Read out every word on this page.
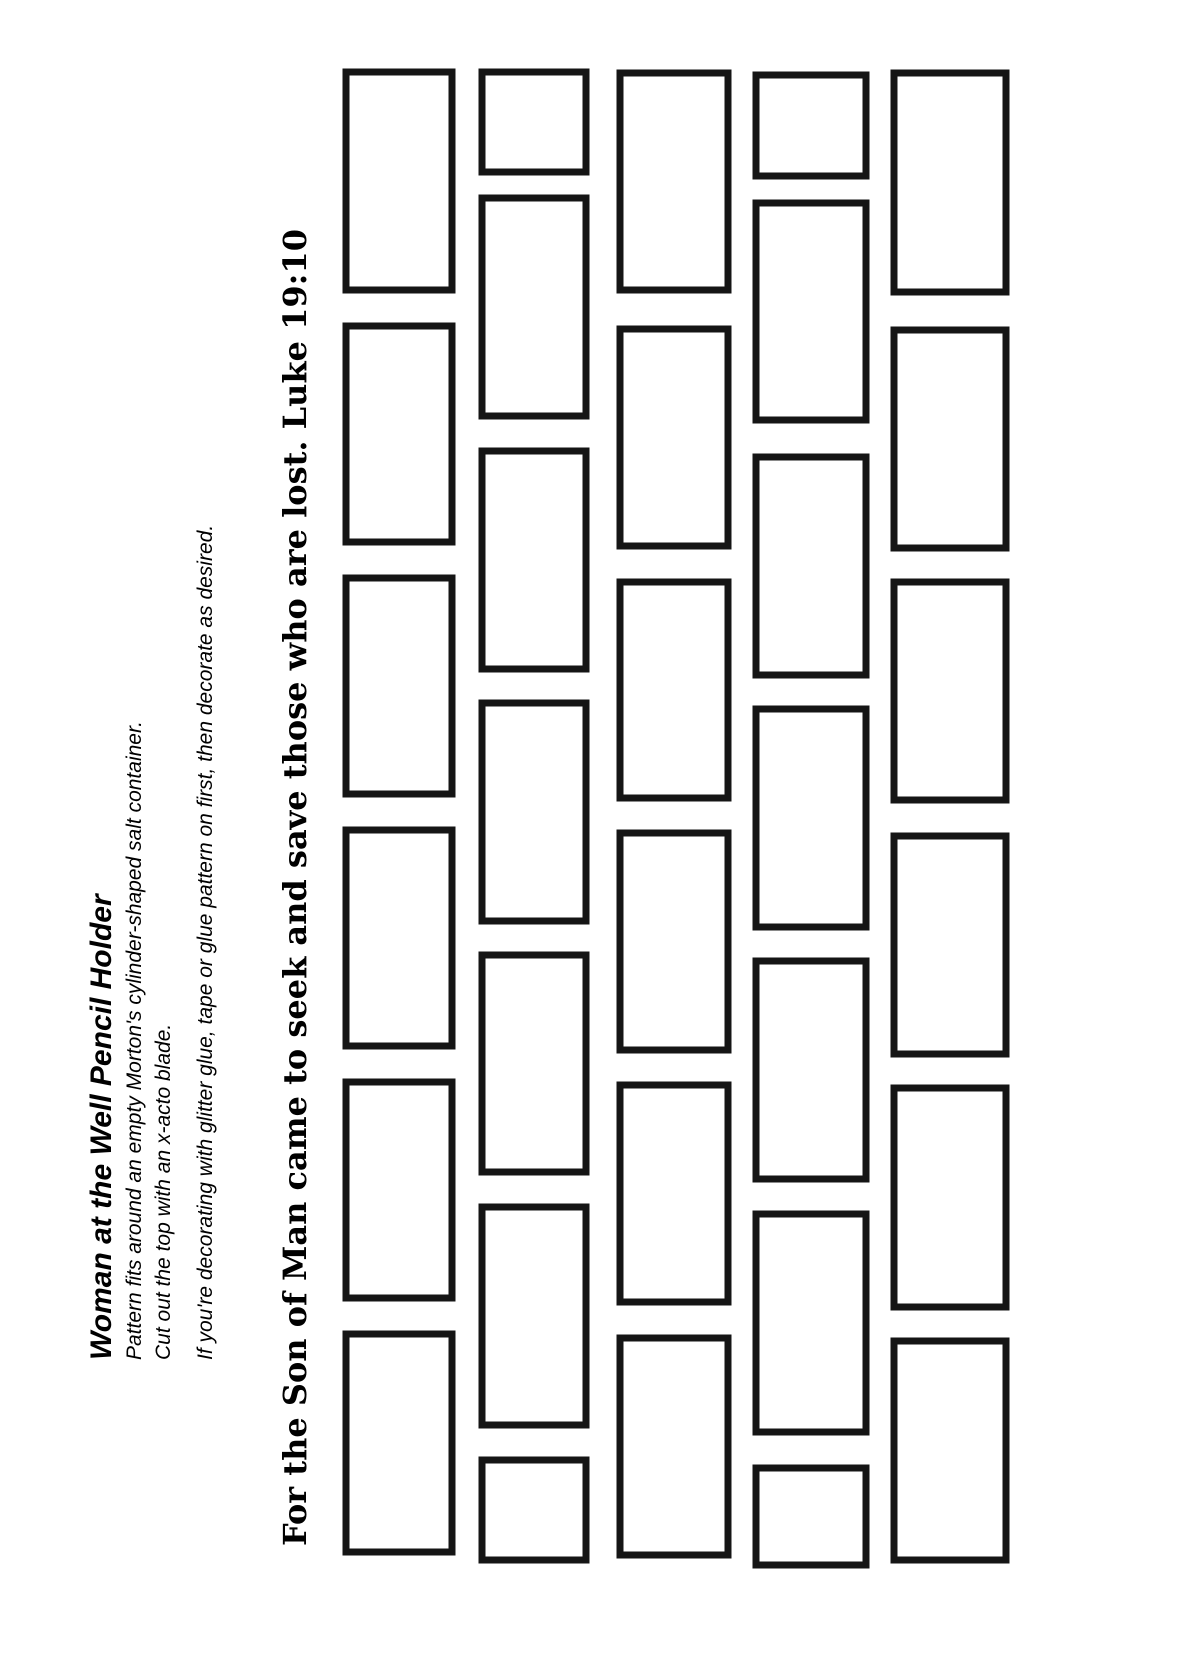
Woman at the Well Pencil Holder Pattern fits around an empty Morton's cylinder-shaped salt container. Cut out the top with an x-acto blade. If you're decorating with glitter glue, tape or glue pattern on first, then decorate as desired. For the Son of Man came to seek and save those who are lost. Luke 19:10
